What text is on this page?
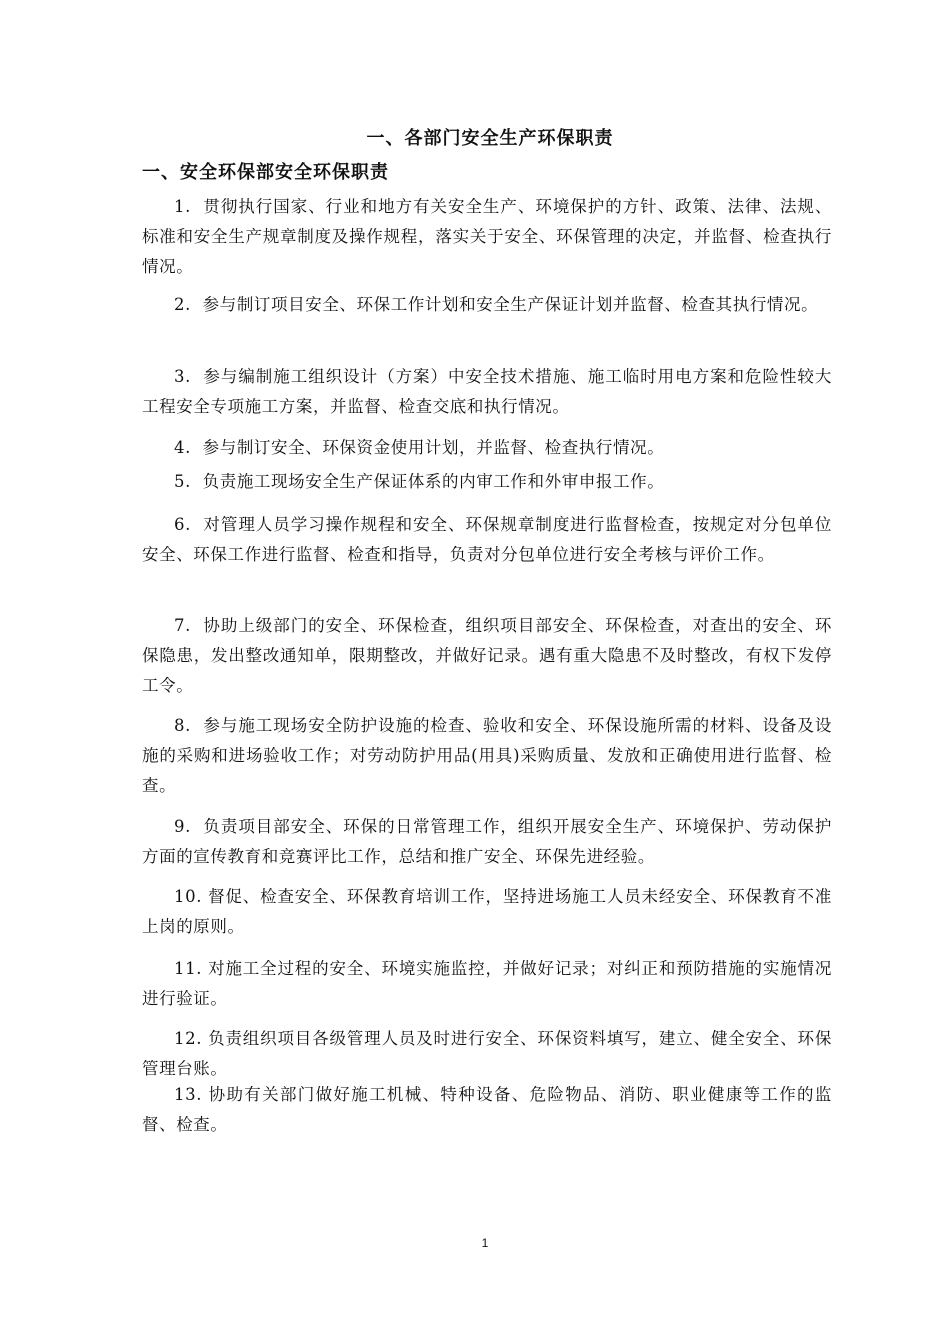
一、各部门安全生产环保职责
一、安全环保部安全环保职责

1.  贯彻执行国家、行业和地方有关安全生产、环境保护的方针、政策、法律、法规、标准和安全生产规章制度及操作规程，落实关于安全、环保管理的决定，并监督、检查执行情况。

2.  参与制订项目安全、环保工作计划和安全生产保证计划并监督、检查其执行情况。

3.  参与编制施工组织设计（方案）中安全技术措施、施工临时用电方案和危险性较大工程安全专项施工方案，并监督、检查交底和执行情况。

4.  参与制订安全、环保资金使用计划，并监督、检查执行情况。

5.  负责施工现场安全生产保证体系的内审工作和外审申报工作。

6.  对管理人员学习操作规程和安全、环保规章制度进行监督检查，按规定对分包单位安全、环保工作进行监督、检查和指导，负责对分包单位进行安全考核与评价工作。

7.  协助上级部门的安全、环保检查，组织项目部安全、环保检查，对查出的安全、环保隐患，发出整改通知单，限期整改，并做好记录。遇有重大隐患不及时整改，有权下发停工令。

8.  参与施工现场安全防护设施的检查、验收和安全、环保设施所需的材料、设备及设施的采购和进场验收工作；对劳动防护用品(用具)采购质量、发放和正确使用进行监督、检查。

9.  负责项目部安全、环保的日常管理工作，组织开展安全生产、环境保护、劳动保护方面的宣传教育和竞赛评比工作，总结和推广安全、环保先进经验。

10. 督促、检查安全、环保教育培训工作，坚持进场施工人员未经安全、环保教育不准上岗的原则。

11. 对施工全过程的安全、环境实施监控，并做好记录；对纠正和预防措施的实施情况进行验证。

12. 负责组织项目各级管理人员及时进行安全、环保资料填写，建立、健全安全、环保管理台账。

13. 协助有关部门做好施工机械、特种设备、危险物品、消防、职业健康等工作的监督、检查。

1
